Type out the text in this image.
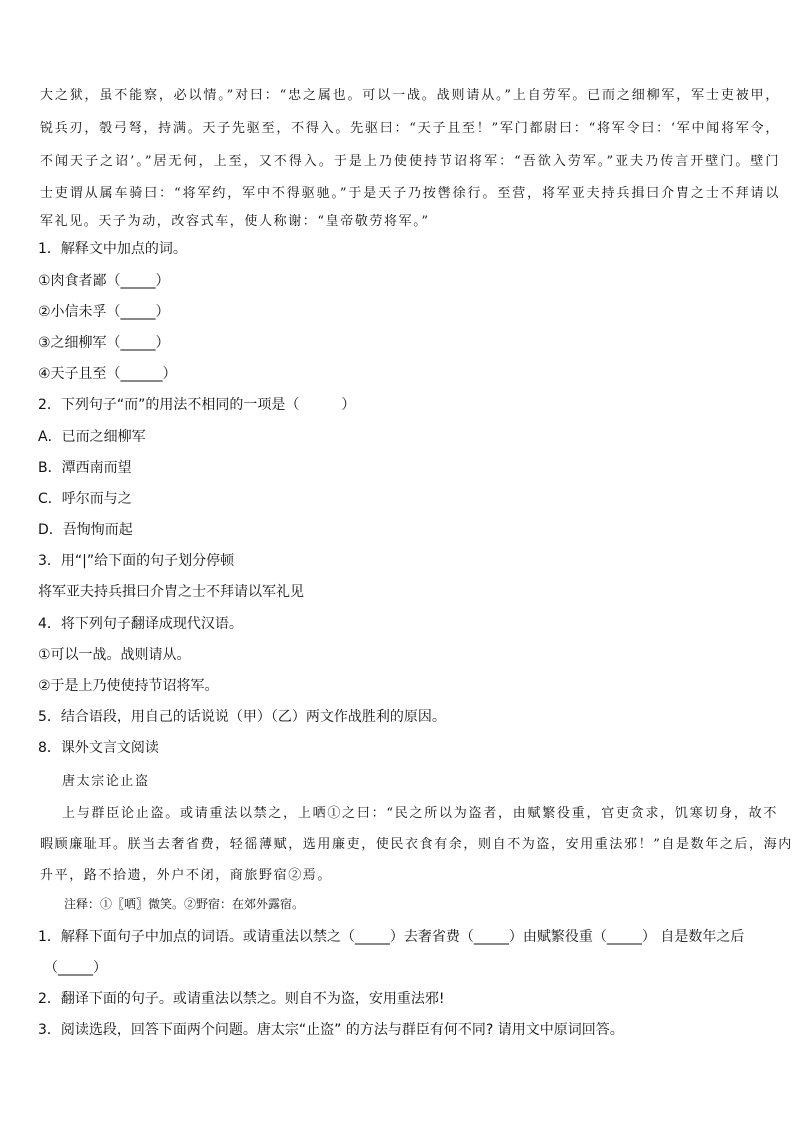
大之狱，虽不能察，必以情。”对曰：“忠之属也。可以一战。战则请从。”上自劳军。已而之细柳军，军士吏被甲，
锐兵刃，彀弓弩，持满。天子先驱至，不得入。先驱曰：“天子且至！”军门都尉曰：“将军令曰：‘军中闻将军令，
不闻天子之诏’。”居无何，上至，又不得入。于是上乃使使持节诏将军：“吾欲入劳军。”亚夫乃传言开壁门。壁门
士吏谓从属车骑曰：“将军约，军中不得驱驰。”于是天子乃按辔徐行。至营，将军亚夫持兵揖曰介胄之士不拜请以
军礼见。天子为动，改容式车，使人称谢：“皇帝敬劳将军。”
1．解释文中加点的词。
①肉食者鄙（_____）
②小信未孚（_____）
③之细柳军（_____）
④天子且至（______）
2．下列句子“而”的用法不相同的一项是（　　　）
A．已而之细柳军
B．潭西南而望
C．呼尔而与之
D．吾恂恂而起
3．用“|”给下面的句子划分停顿
将军亚夫持兵揖曰介胄之士不拜请以军礼见
4．将下列句子翻译成现代汉语。
①可以一战。战则请从。
②于是上乃使使持节诏将军。
5．结合语段，用自己的话说说（甲）（乙）两文作战胜利的原因。
8．课外文言文阅读
唐太宗论止盗
上与群臣论止盗。或请重法以禁之，上哂①之曰：“民之所以为盗者，由赋繁役重，官吏贪求，饥寒切身，故不
暇顾廉耻耳。朕当去奢省费，轻徭薄赋，选用廉吏，使民衣食有余，则自不为盗，安用重法邪！”自是数年之后，海内
升平，路不拾遗，外户不闭，商旅野宿②焉。
注释：①〖哂〗微笑。②野宿：在郊外露宿。
1．解释下面句子中加点的词语。或请重法以禁之（_____）去奢省费（_____）由赋繁役重（_____） 自是数年之后
（_____）
2．翻译下面的句子。或请重法以禁之。则自不为盗，安用重法邪!
3．阅读选段，回答下面两个问题。唐太宗“止盗” 的方法与群臣有何不同? 请用文中原词回答。
